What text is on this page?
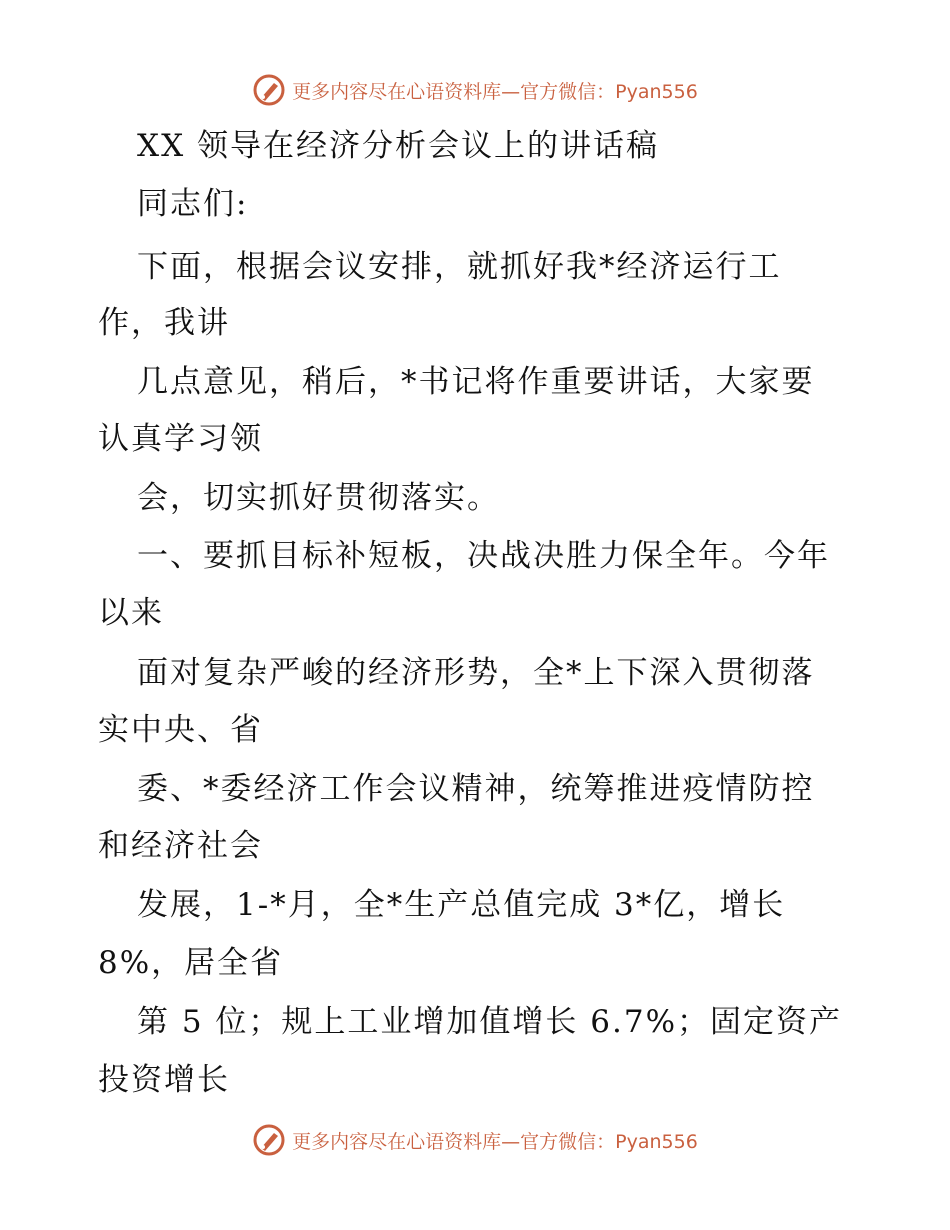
更多内容尽在心语资料库—官方微信：Pyan556
XX 领导在经济分析会议上的讲话稿
同志们:
下面，根据会议安排，就抓好我*经济运行工
作，我讲
几点意见，稍后，*书记将作重要讲话，大家要
认真学习领
会，切实抓好贯彻落实。
一、要抓目标补短板，决战决胜力保全年。今年
以来
面对复杂严峻的经济形势，全*上下深入贯彻落
实中央、省
委、*委经济工作会议精神，统筹推进疫情防控
和经济社会
发展，1-*月，全*生产总值完成 3*亿，增长
8%，居全省
第 5 位；规上工业增加值增长 6.7%；固定资产
投资增长
更多内容尽在心语资料库—官方微信：Pyan556
